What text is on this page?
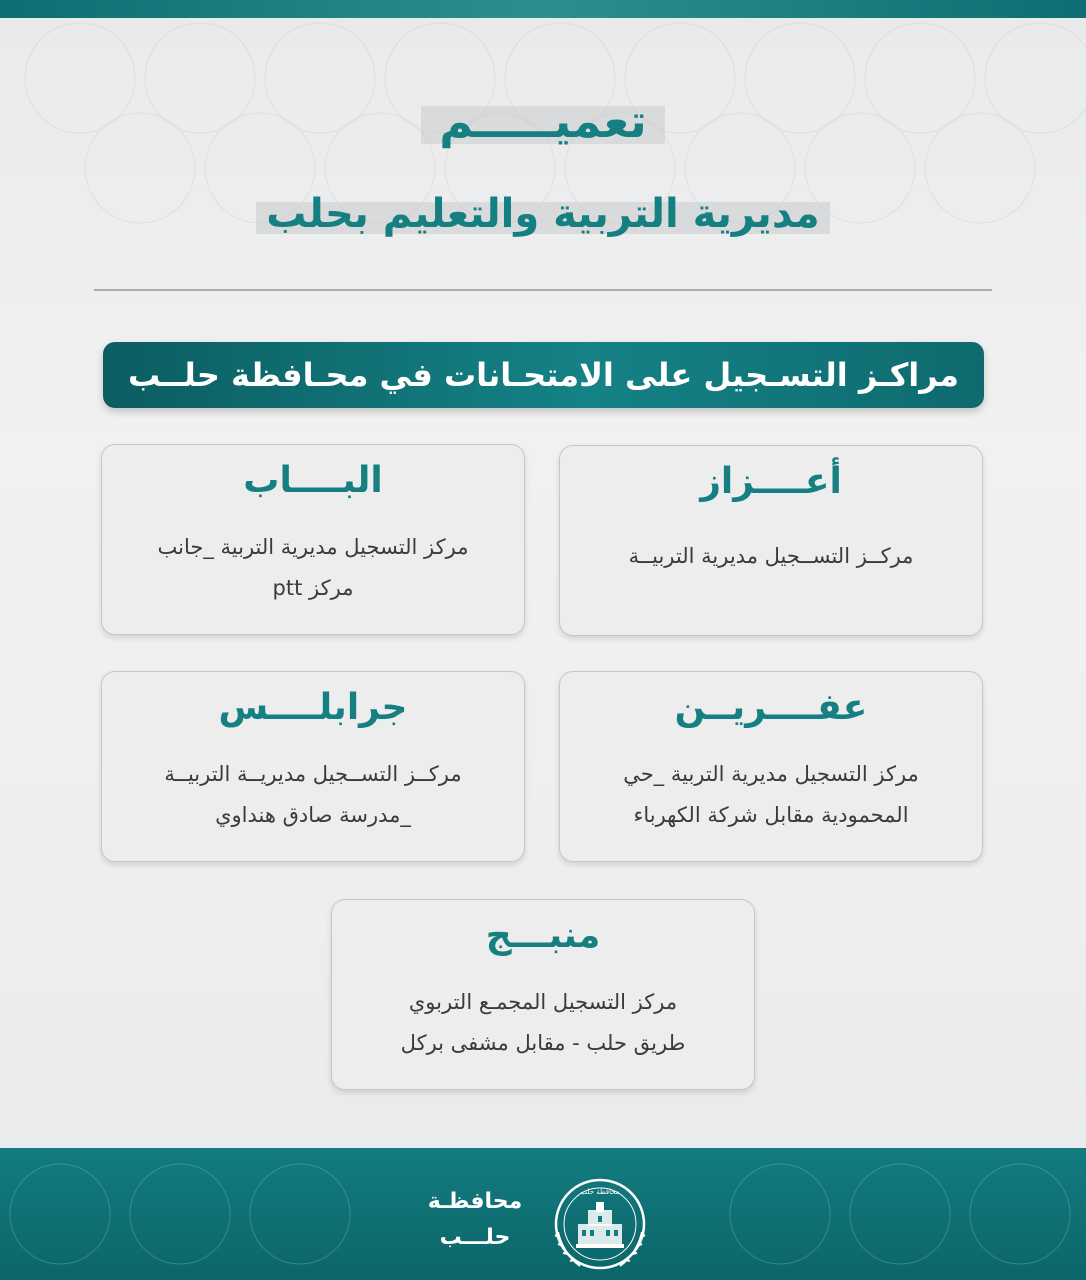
تعميـــــم
مديرية التربية والتعليم بحلب
مراكـز التسـجيل على الامتحـانات في محـافظة حلــب
أعــــزاز
مركــز التســجيل مديرية التربيــة
البــــاب
مركز التسجيل مديرية التربية _جانب
مركز ptt
عفــــريــن
مركز التسجيل مديرية التربية _حي
المحمودية مقابل شركة الكهرباء
جرابلــــس
مركــز التســجيل مديريــة التربيــة
_مدرسة صادق هنداوي
منبـــج
مركز التسجيل المجمـع التربوي
طريق حلب - مقابل مشفى بركل
محافظة حلب
محافظـة
حلـــب
